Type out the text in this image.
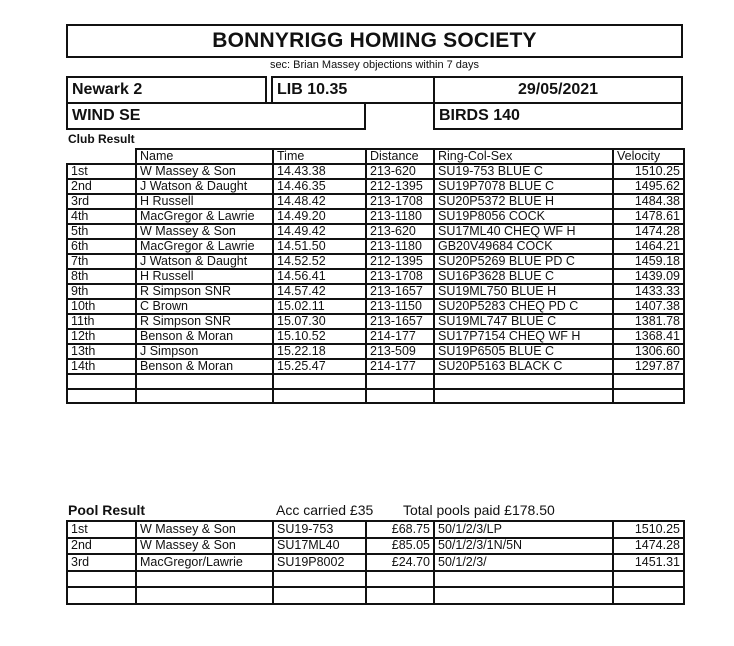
BONNYRIGG HOMING SOCIETY
sec: Brian Massey objections within 7 days
Newark 2	LIB 10.35	29/05/2021
WIND SE	BIRDS 140
Club Result
	Name	Time	Distance	Ring-Col-Sex	Velocity
1st	W Massey & Son	14.43.38	213-620	SU19-753 BLUE C	1510.25
2nd	J Watson & Daught	14.46.35	212-1395	SU19P7078 BLUE C	1495.62
3rd	H Russell	14.48.42	213-1708	SU20P5372 BLUE H	1484.38
4th	MacGregor & Lawrie	14.49.20	213-1180	SU19P8056 COCK	1478.61
5th	W Massey & Son	14.49.42	213-620	SU17ML40 CHEQ WF H	1474.28
6th	MacGregor & Lawrie	14.51.50	213-1180	GB20V49684 COCK	1464.21
7th	J Watson & Daught	14.52.52	212-1395	SU20P5269 BLUE PD C	1459.18
8th	H Russell	14.56.41	213-1708	SU16P3628 BLUE C	1439.09
9th	R Simpson SNR	14.57.42	213-1657	SU19ML750 BLUE H	1433.33
10th	C Brown	15.02.11	213-1150	SU20P5283 CHEQ PD C	1407.38
11th	R Simpson SNR	15.07.30	213-1657	SU19ML747 BLUE C	1381.78
12th	Benson & Moran	15.10.52	214-177	SU17P7154 CHEQ WF H	1368.41
13th	J Simpson	15.22.18	213-509	SU19P6505 BLUE C	1306.60
14th	Benson & Moran	15.25.47	214-177	SU20P5163 BLACK C	1297.87

Pool Result	Acc carried £35 Total pools paid £178.50
1st	W Massey & Son	SU19-753	£68.75	50/1/2/3/LP	1510.25
2nd	W Massey & Son	SU17ML40	£85.05	50/1/2/3/1N/5N	1474.28
3rd	MacGregor/Lawrie	SU19P8002	£24.70	50/1/2/3/	1451.31
